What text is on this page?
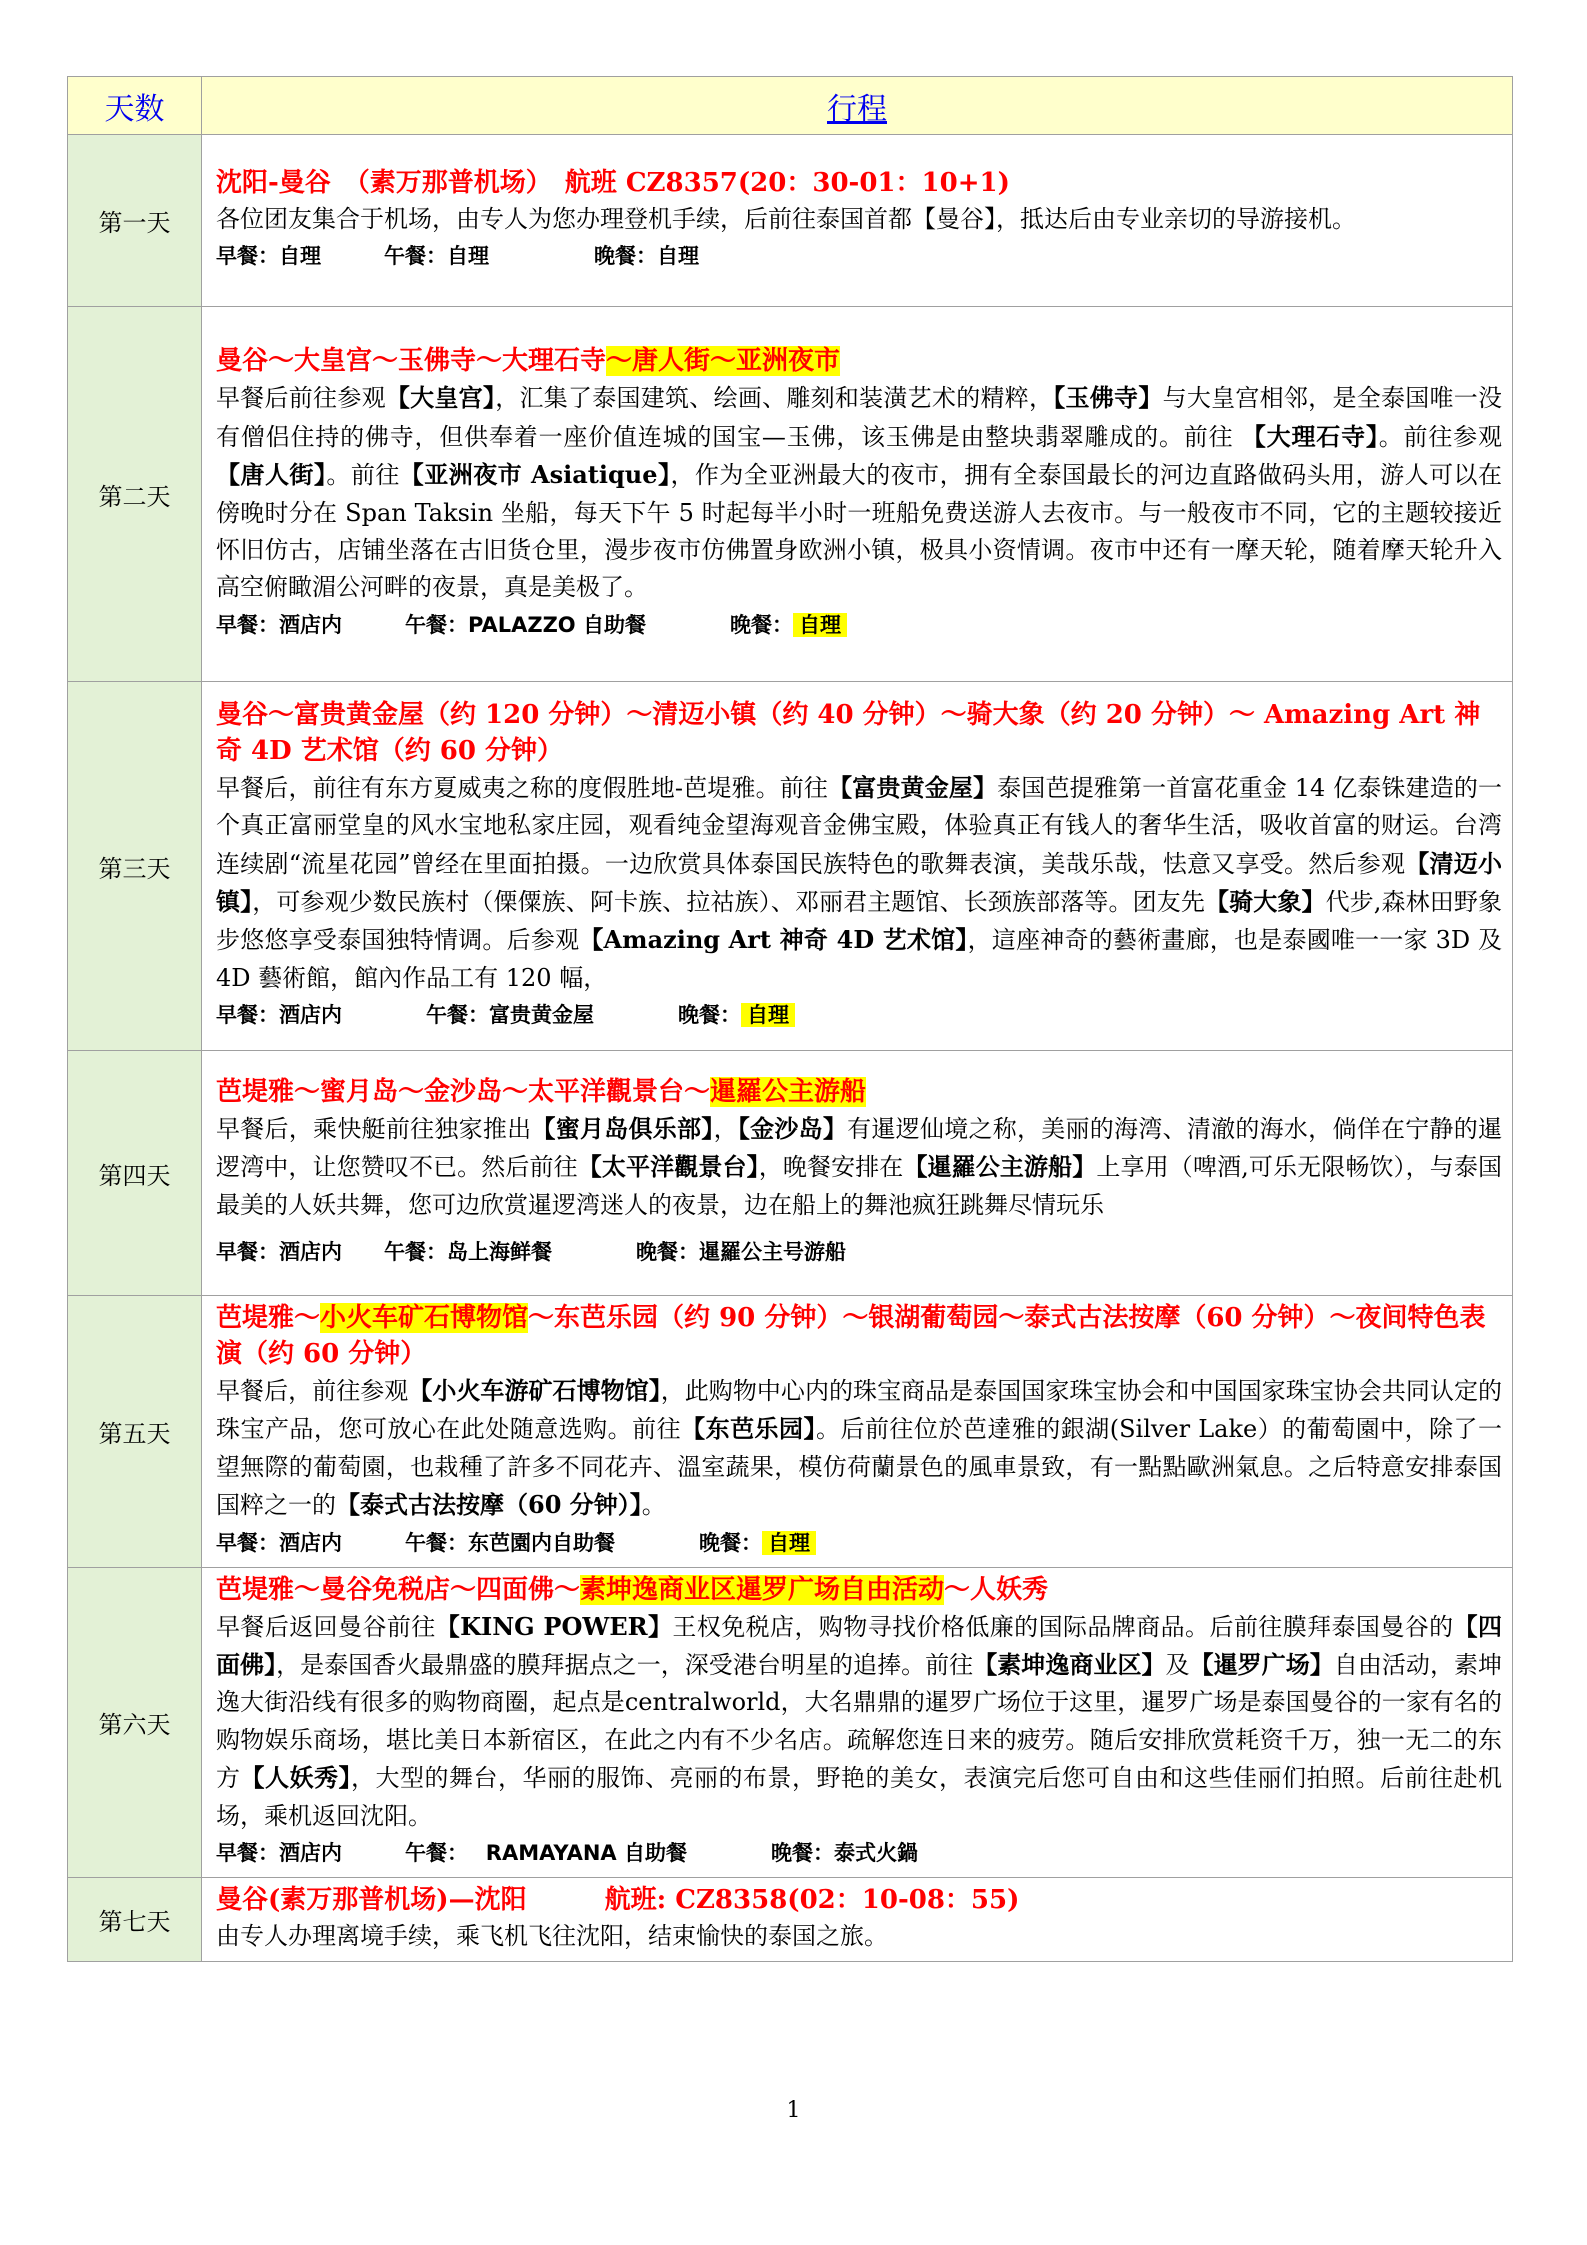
天数	行程
第一天	沈阳-曼谷　（素万那普机场）　航班 CZ8357(20：30-01：10+1)
各位团友集合于机场，由专人为您办理登机手续，后前往泰国首都【曼谷】，抵达后由专业亲切的导游接机。
早餐：自理　　　午餐：自理　　　　　晚餐：自理

第二天	曼谷～大皇宫～玉佛寺～大理石寺～唐人街～亚洲夜市
早餐后前往参观【大皇宫】，汇集了泰国建筑、绘画、雕刻和装潢艺术的精粹，【玉佛寺】与大皇宫相邻，是全泰国唯一没有僧侣住持的佛寺，但供奉着一座价值连城的国宝—玉佛，该玉佛是由整块翡翠雕成的。前往 【大理石寺】。前往参观【唐人街】。前往【亚洲夜市 Asiatique】，作为全亚洲最大的夜市，拥有全泰国最长的河边直路做码头用，游人可以在傍晚时分在 Span Taksin 坐船，每天下午 5 时起每半小时一班船免费送游人去夜市。与一般夜市不同，它的主题较接近怀旧仿古，店铺坐落在古旧货仓里，漫步夜市仿佛置身欧洲小镇，极具小资情调。夜市中还有一摩天轮，随着摩天轮升入高空俯瞰湄公河畔的夜景，真是美极了。
早餐：酒店内　　　午餐：PALAZZO 自助餐　　　　晚餐： 自理

第三天	曼谷～富贵黄金屋（约 120 分钟）～清迈小镇（约 40 分钟）～骑大象（约 20 分钟）～ Amazing Art 神奇 4D 艺术馆（约 60 分钟）
早餐后，前往有东方夏威夷之称的度假胜地-芭堤雅。前往【富贵黄金屋】泰国芭提雅第一首富花重金 14 亿泰铢建造的一个真正富丽堂皇的风水宝地私家庄园，观看纯金望海观音金佛宝殿，体验真正有钱人的奢华生活，吸收首富的财运。台湾连续剧“流星花园”曾经在里面拍摄。一边欣赏具体泰国民族特色的歌舞表演，美哉乐哉，怯意又享受。然后参观【清迈小镇】，可参观少数民族村（傈僳族、阿卡族、拉祜族）、邓丽君主题馆、长颈族部落等。团友先【骑大象】代步,森林田野象步悠悠享受泰国独特情调。后参观【Amazing Art 神奇 4D 艺术馆】，這座神奇的藝術畫廊，也是泰國唯一一家 3D 及 4D 藝術館，館內作品工有 120 幅，
早餐：酒店内　　　　午餐：富贵黄金屋　　　　晚餐： 自理

第四天	芭堤雅～蜜月岛～金沙岛～太平洋觀景台～暹羅公主游船
早餐后，乘快艇前往独家推出【蜜月岛俱乐部】，【金沙岛】有暹逻仙境之称，美丽的海湾、清澈的海水，倘佯在宁静的暹逻湾中，让您赞叹不已。然后前往【太平洋觀景台】，晚餐安排在【暹羅公主游船】上享用（啤酒,可乐无限畅饮），与泰国最美的人妖共舞，您可边欣赏暹逻湾迷人的夜景，边在船上的舞池疯狂跳舞尽情玩乐
早餐：酒店内　　午餐：岛上海鲜餐　　　　晚餐：暹羅公主号游船

第五天	芭堤雅～小火车矿石博物馆～东芭乐园（约 90 分钟）～银湖葡萄园～泰式古法按摩（60 分钟）～夜间特色表演（约 60 分钟）
早餐后，前往参观【小火车游矿石博物馆】，此购物中心内的珠宝商品是泰国国家珠宝协会和中国国家珠宝协会共同认定的珠宝产品，您可放心在此处随意选购。前往【东芭乐园】。后前往位於芭達雅的銀湖(Silver Lake）的葡萄園中，除了一望無際的葡萄園，也栽種了許多不同花卉、溫室蔬果，模仿荷蘭景色的風車景致，有一點點歐洲氣息。之后特意安排泰国国粹之一的【泰式古法按摩（60 分钟）】。
早餐：酒店内　　　午餐：东芭園内自助餐　　　　晚餐： 自理

第六天	芭堤雅～曼谷免税店～四面佛～素坤逸商业区暹罗广场自由活动～人妖秀
早餐后返回曼谷前往【KING POWER】王权免税店，购物寻找价格低廉的国际品牌商品。后前往膜拜泰国曼谷的【四面佛】，是泰国香火最鼎盛的膜拜据点之一，深受港台明星的追捧。前往【素坤逸商业区】及【暹罗广场】自由活动，素坤逸大街沿线有很多的购物商圈，起点是centralworld，大名鼎鼎的暹罗广场位于这里，暹罗广场是泰国曼谷的一家有名的购物娱乐商场，堪比美日本新宿区，在此之内有不少名店。疏解您连日来的疲劳。随后安排欣赏耗资千万，独一无二的东方【人妖秀】，大型的舞台，华丽的服饰、亮丽的布景，野艳的美女，表演完后您可自由和这些佳丽们拍照。后前往赴机场，乘机返回沈阳。
早餐：酒店内　　　午餐：　 RAMAYANA 自助餐　　　　晚餐：泰式火鍋

第七天	曼谷(素万那普机场)—沈阳　　　航班: CZ8358(02：10-08：55)
由专人办理离境手续，乘飞机飞往沈阳，结束愉快的泰国之旅。
1
